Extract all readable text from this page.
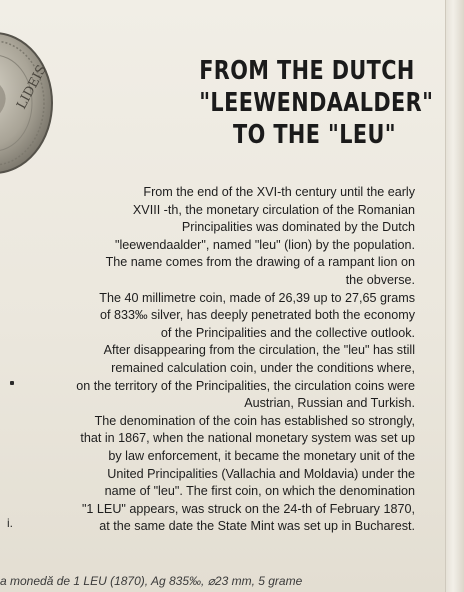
LIDEIS	FROM THE DUTCH
"LEEWENDAALDER"
TO THE "LEU"
From the end of the XVI-th century until the early
XVIII -th, the monetary circulation of the Romanian
Principalities was dominated by the Dutch
"leewendaalder", named "leu" (lion) by the population.
The name comes from the drawing of a rampant lion on
the obverse.
The 40 millimetre coin, made of 26,39 up to 27,65 grams
of 833‰ silver, has deeply penetrated both the economy
of the Principalities and the collective outlook.
After disappearing from the circulation, the "leu" has still
remained calculation coin, under the conditions where,
on the territory of the Principalities, the circulation coins were
Austrian, Russian and Turkish.
The denomination of the coin has established so strongly,
that in 1867, when the national monetary system was set up
by law enforcement, it became the monetary unit of the
United Principalities (Vallachia and Moldavia) under the
name of "leu". The first coin, on which the denomination
"1 LEU" appears, was struck on the 24-th of February 1870,
at the same date the State Mint was set up in Bucharest.
i.
a monedă de 1 LEU (1870), Ag 835‰, ⌀23 mm, 5 grame
